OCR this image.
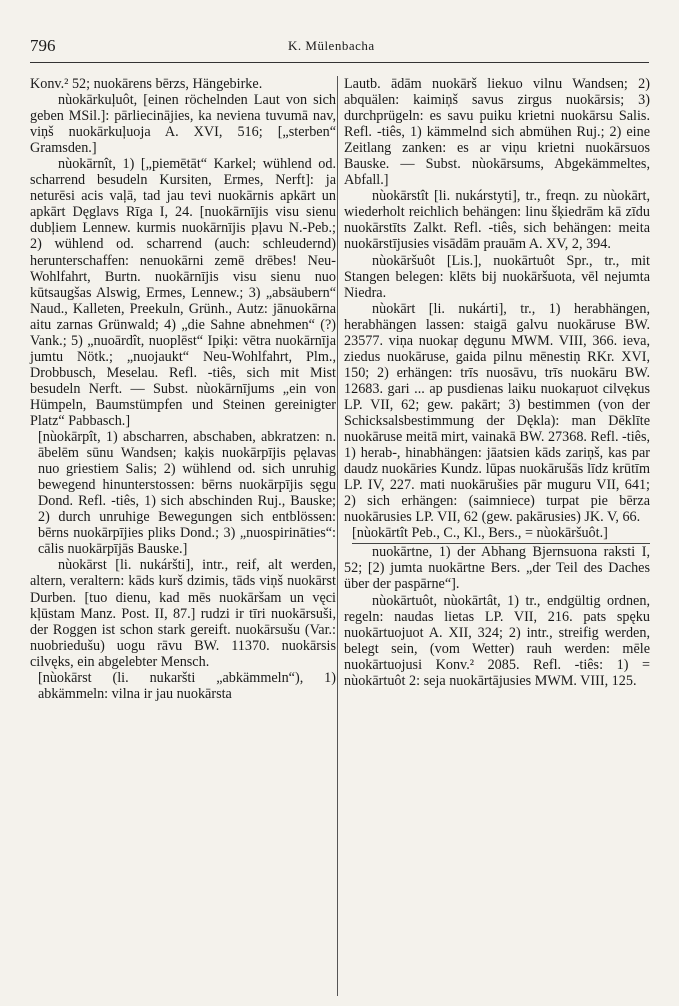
796	K. Mülenbacha

Konv.² 52; nuokārens bērzs, Hängebirke.

nùokārkuļuôt, [einen röchelnden Laut von sich geben MSil.]: pārliecinājies, ka neviena tuvumā nav, viņš nuokārkuļuoja A. XVI, 516; [„sterben“ Gramsden.]

nùokārnît, 1) [„piemētāt“ Karkel; wühlend od. scharrend besudeln Kursiten, Ermes, Nerft]: ja neturēsi acis vaļā, tad jau tevi nuokārnis apkārt un apkārt Dęglavs Rīga I, 24. [nuokārnījis visu sienu dubļiem Lennew. kurmis nuokārnījis pļavu N.-Peb.; 2) wühlend od. scharrend (auch: schleudernd) herunterschaffen: nenuokārni zemē drēbes! Neu-Wohlfahrt, Burtn. nuokārnījis visu sienu nuo kūtsaugšas Alswig, Ermes, Lennew.; 3) „absäubern“ Naud., Kalleten, Preekuln, Grünh., Autz: jānuokārna aitu zarnas Grünwald; 4) „die Sahne abnehmen“ (?) Vank.; 5) „nuoārdît, nuoplēst“ Ipiķi: vētra nuokārnīja jumtu Nötk.; „nuojaukt“ Neu-Wohlfahrt, Plm., Drobbusch, Meselau. Refl. -tiês, sich mit Mist besudeln Nerft. — Subst. nùokārnījums „ein von Hümpeln, Baumstümpfen und Steinen gereinigter Platz“ Pabbasch.]

[nùokārpît, 1) abscharren, abschaben, abkratzen: n. ābelēm sūnu Wandsen; kaķis nuokārpījis pęlavas nuo griestiem Salis; 2) wühlend od. sich unruhig bewegend hinunterstossen: bērns nuokārpījis sęgu Dond. Refl. -tiês, 1) sich abschinden Ruj., Bauske; 2) durch unruhige Bewegungen sich entblössen: bērns nuokārpījies pliks Dond.; 3) „nuospirināties“: cālis nuokārpījās Bauske.]

nùokārst [li. nukáršti], intr., reif, alt werden, altern, veraltern: kāds kurš dzimis, tāds viņš nuokārst Durben. [tuo dienu, kad mēs nuokāršam un vęci kļūstam Manz. Post. II, 87.] rudzi ir tīri nuokārsuši, der Roggen ist schon stark gereift. nuokārsušu (Var.: nuobriedušu) uogu rāvu BW. 11370. nuokārsis cilvęks, ein abgelebter Mensch.

[nùokārst (li. nukaršti „abkämmeln“), 1) abkämmeln: vilna ir jau nuokārsta

Lautb. ādām nuokārš liekuo vilnu Wandsen; 2) abquälen: kaimiņš savus zirgus nuokārsis; 3) durchprügeln: es savu puiku krietni nuokārsu Salis. Refl. -tiês, 1) kämmelnd sich abmühen Ruj.; 2) eine Zeitlang zanken: es ar viņu krietni nuokārsuos Bauske. — Subst. nùokārsums, Abgekämmeltes, Abfall.]

nùokārstît [li. nukárstyti], tr., freqn. zu nùokārt, wiederholt reichlich behängen: linu šķiedrām kā zīdu nuokārstīts Zalkt. Refl. -tiês, sich behängen: meita nuokārstījusies visādām prauām A. XV, 2, 394.

nùokāršuôt [Lis.], nuokārtuôt Spr., tr., mit Stangen belegen: klēts bij nuokāršuota, vēl nejumta Niedra.

nùokārt [li. nukárti], tr., 1) herabhängen, herabhängen lassen: staigā galvu nuokāruse BW. 23577. viņa nuokaŗ dęgunu MWM. VIII, 366. ieva, ziedus nuokāruse, gaida pilnu mēnestiņ RKr. XVI, 150; 2) erhängen: trīs nuosāvu, trīs nuokāru BW. 12683. gari ... ap pusdienas laiku nuokaŗuot cilvękus LP. VII, 62; gew. pakārt; 3) bestimmen (von der Schicksalsbestimmung der Dękla): man Dēklīte nuokāruse meitā mirt, vainakā BW. 27368. Refl. -tiês, 1) herab-, hinabhängen: jāatsien kāds zariņš, kas par daudz nuokāries Kundz. lūpas nuokārušās līdz krūtīm LP. IV, 227. mati nuokārušies pār muguru VII, 641; 2) sich erhängen: (saimniece) turpat pie bērza nuokārusies LP. VII, 62 (gew. pakārusies) JK. V, 66.

[nùokārtît Peb., C., Kl., Bers., = nùokāršuôt.]

nuokārtne, 1) der Abhang Bjernsuona raksti I, 52; [2) jumta nuokārtne Bers. „der Teil des Daches über der paspārne“].

nùokārtuôt, nùokārtât, 1) tr., endgültig ordnen, regeln: naudas lietas LP. VII, 216. pats spęku nuokārtuojuot A. XII, 324; 2) intr., streifig werden, belegt sein, (vom Wetter) rauh werden: mēle nuokārtuojusi Konv.² 2085. Refl. -tiês: 1) = nùokārtuôt 2: seja nuokārtājusies MWM. VIII, 125.
